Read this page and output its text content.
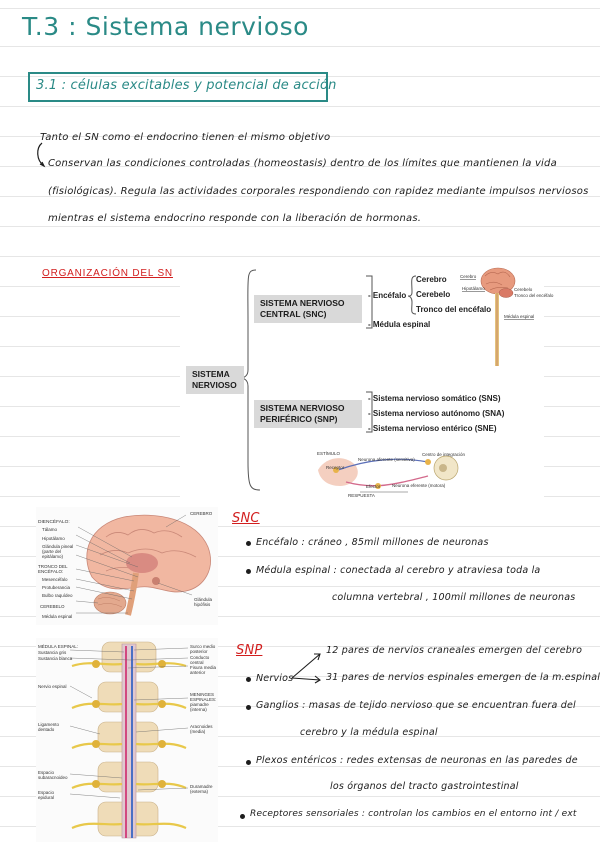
T.3 : Sistema nervioso
3.1 : células excitables y potencial de acción
Tanto el SN como el endocrino tienen el mismo objetivo
Conservan las condiciones controladas (homeostasis) dentro de los límites que mantienen la vida
(fisiológicas). Regula las actividades corporales respondiendo con rapidez mediante impulsos nerviosos
mientras el sistema endocrino responde con la liberación de hormonas.
ORGANIZACIÓN DEL SN
SISTEMA NERVIOSO
SISTEMA NERVIOSO CENTRAL (SNC)
SISTEMA NERVIOSO PERIFÉRICO (SNP)
- Encéfalo
Cerebro
Cerebelo
Tronco del encéfalo
- Médula espinal
- Sistema nervioso somático (SNS)
- Sistema nervioso autónomo (SNA)
- Sistema nervioso entérico (SNE)
Cerebro
Hipotálamo	Cerebelo
Tronco del encéfalo
Médula espinal
ESTÍMULO
Receptor
Neurona aferente (sensitiva)
Centro de integración
Efector	Neurona eferente (motora)
RESPUESTA
DIENCÉFALO:
Tálamo
Hipotálamo
Glándula pineal (parte del epitálamo)
TRONCO DEL ENCÉFALO:
Mesencéfalo
Protuberancia
Bulbo raquídeo
CEREBELO
Médula espinal
CEREBRO
Glándula hipófisis
SNC
Encéfalo : cráneo , 85mil millones de neuronas
Médula espinal : conectada al cerebro y atraviesa toda la
columna vertebral , 100mil millones de neuronas
MÉDULA ESPINAL:
Sustancia gris
Sustancia blanca
Nervio espinal
Ligamento dentado
Espacio subaracnoideo
Espacio epidural
Surco medio posterior
Conducto central
Fisura media anterior
MENINGES ESPINALES: piamadre (interna)
Aracnoides (media)
Duramadre (externa)
SNP
Nervios
12 pares de nervios craneales emergen del cerebro
31 pares de nervios espinales emergen de la m.espinal
Ganglios : masas de tejido nervioso que se encuentran fuera del
cerebro y la médula espinal
Plexos entéricos : redes extensas de neuronas en las paredes de
los órganos del tracto gastrointestinal
Receptores sensoriales : controlan los cambios en el entorno int / ext
